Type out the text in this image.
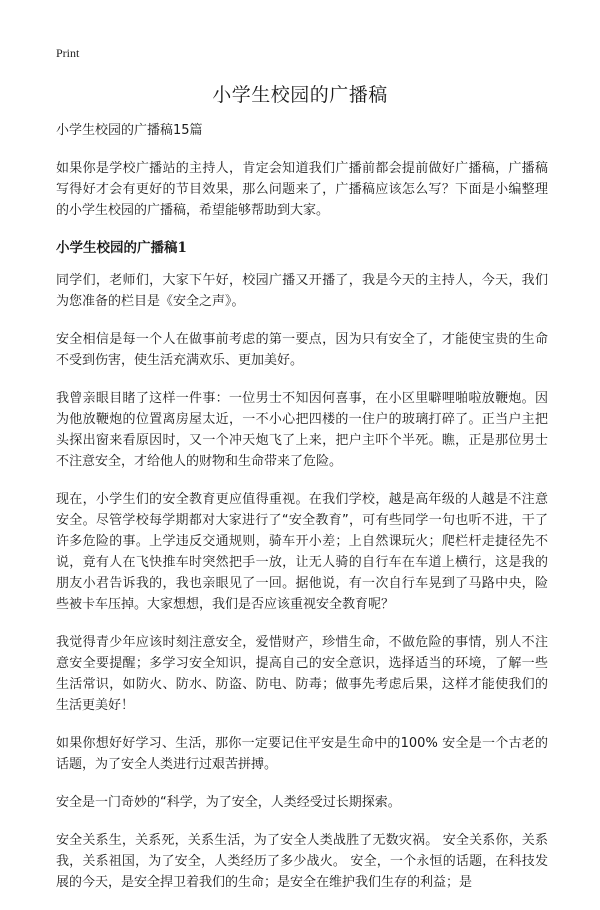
Print
小学生校园的广播稿

小学生校园的广播稿15篇

如果你是学校广播站的主持人，肯定会知道我们广播前都会提前做好广播稿，广播稿写得好才会有更好的节目效果，那么问题来了，广播稿应该怎么写？下面是小编整理的小学生校园的广播稿，希望能够帮助到大家。

小学生校园的广播稿1

同学们，老师们，大家下午好，校园广播又开播了，我是今天的主持人，今天，我们为您准备的栏目是《安全之声》。

安全相信是每一个人在做事前考虑的第一要点，因为只有安全了，才能使宝贵的生命不受到伤害，使生活充满欢乐、更加美好。

我曾亲眼目睹了这样一件事：一位男士不知因何喜事，在小区里噼哩啪啦放鞭炮。因为他放鞭炮的位置离房屋太近，一不小心把四楼的一住户的玻璃打碎了。正当户主把头探出窗来看原因时，又一个冲天炮飞了上来，把户主吓个半死。瞧，正是那位男士不注意安全，才给他人的财物和生命带来了危险。

现在，小学生们的安全教育更应值得重视。在我们学校，越是高年级的人越是不注意安全。尽管学校每学期都对大家进行了“安全教育”，可有些同学一句也听不进，干了许多危险的事。上学违反交通规则，骑车开小差；上自然课玩火；爬栏杆走捷径先不说，竟有人在飞快推车时突然把手一放，让无人骑的自行车在车道上横行，这是我的朋友小君告诉我的，我也亲眼见了一回。据他说，有一次自行车晃到了马路中央，险些被卡车压掉。大家想想，我们是否应该重视安全教育呢？

我觉得青少年应该时刻注意安全，爱惜财产，珍惜生命，不做危险的事情，别人不注意安全要提醒；多学习安全知识，提高自己的安全意识，选择适当的环境，了解一些生活常识，如防火、防水、防盗、防电、防毒；做事先考虑后果，这样才能使我们的生活更美好！

如果你想好好学习、生活，那你一定要记住平安是生命中的100% 安全是一个古老的话题，为了安全人类进行过艰苦拼搏。

安全是一门奇妙的“科学，为了安全，人类经受过长期探索。

安全关系生，关系死，关系生活，为了安全人类战胜了无数灾祸。 安全关系你，关系我，关系祖国，为了安全，人类经历了多少战火。 安全，一个永恒的话题，在科技发展的今天，是安全捍卫着我们的生命；是安全在维护我们生存的利益；是
